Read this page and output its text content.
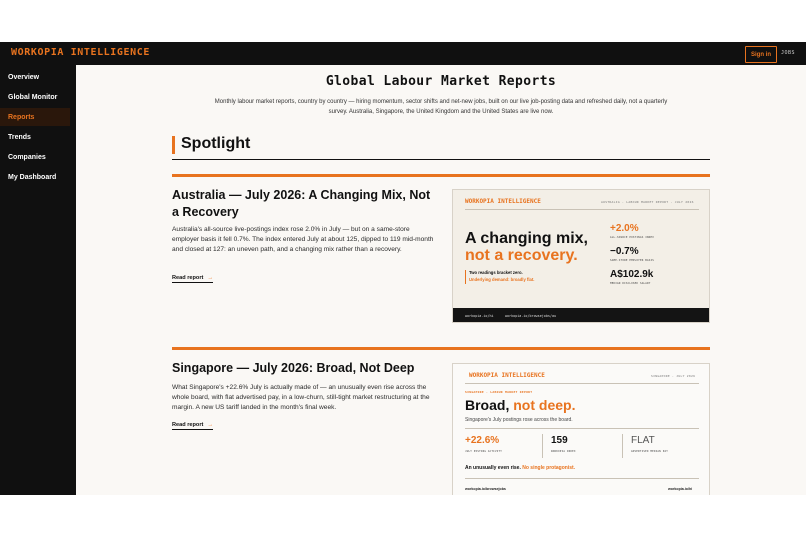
WORKOPIA INTELLIGENCE	Sign in	JOBS
Overview
Global Monitor
Reports
Trends
Companies
My Dashboard
Global Labour Market Reports
Monthly labour market reports, country by country — hiring momentum, sector shifts and net-new jobs, built on our live job-posting data and refreshed daily, not a quarterly survey. Australia, Singapore, the United Kingdom and the United States are live now.
Spotlight
Australia — July 2026: A Changing Mix, Not a Recovery
Australia's all-source live-postings index rose 2.0% in July — but on a same-store employer basis it fell 0.7%. The index entered July at about 125, dipped to 119 mid-month and closed at 127: an uneven path, and a changing mix rather than a recovery.
Read report →
WORKOPIA INTELLIGENCE	AUSTRALIA · LABOUR MARKET REPORT · JULY 2026
A changing mix,
not a recovery.
Two readings bracket zero.
Underlying demand: broadly flat.
+2.0%
ALL-SOURCE POSTINGS INDEX
−0.7%
SAME-STORE EMPLOYER BASIS
A$102.9k
MEDIAN DISCLOSED SALARY
workopia.io/hi	workopia.io/browsejobs/au
Singapore — July 2026: Broad, Not Deep
What Singapore's +22.6% July is actually made of — an unusually even rise across the whole board, with flat advertised pay, in a low-churn, still-tight market restructuring at the margin. A new US tariff landed in the month's final week.
Read report →
WORKOPIA INTELLIGENCE	SINGAPORE · JULY 2026
SINGAPORE · LABOUR MARKET REPORT
Broad, not deep.
Singapore's July postings rose across the board.
+22.6%
JULY POSTING ACTIVITY
159
WORKOPIA INDEX
FLAT
ADVERTISED MEDIAN PAY
An unusually even rise. No single protagonist.
workopia.io/browsejobs	workopia.io/hi
